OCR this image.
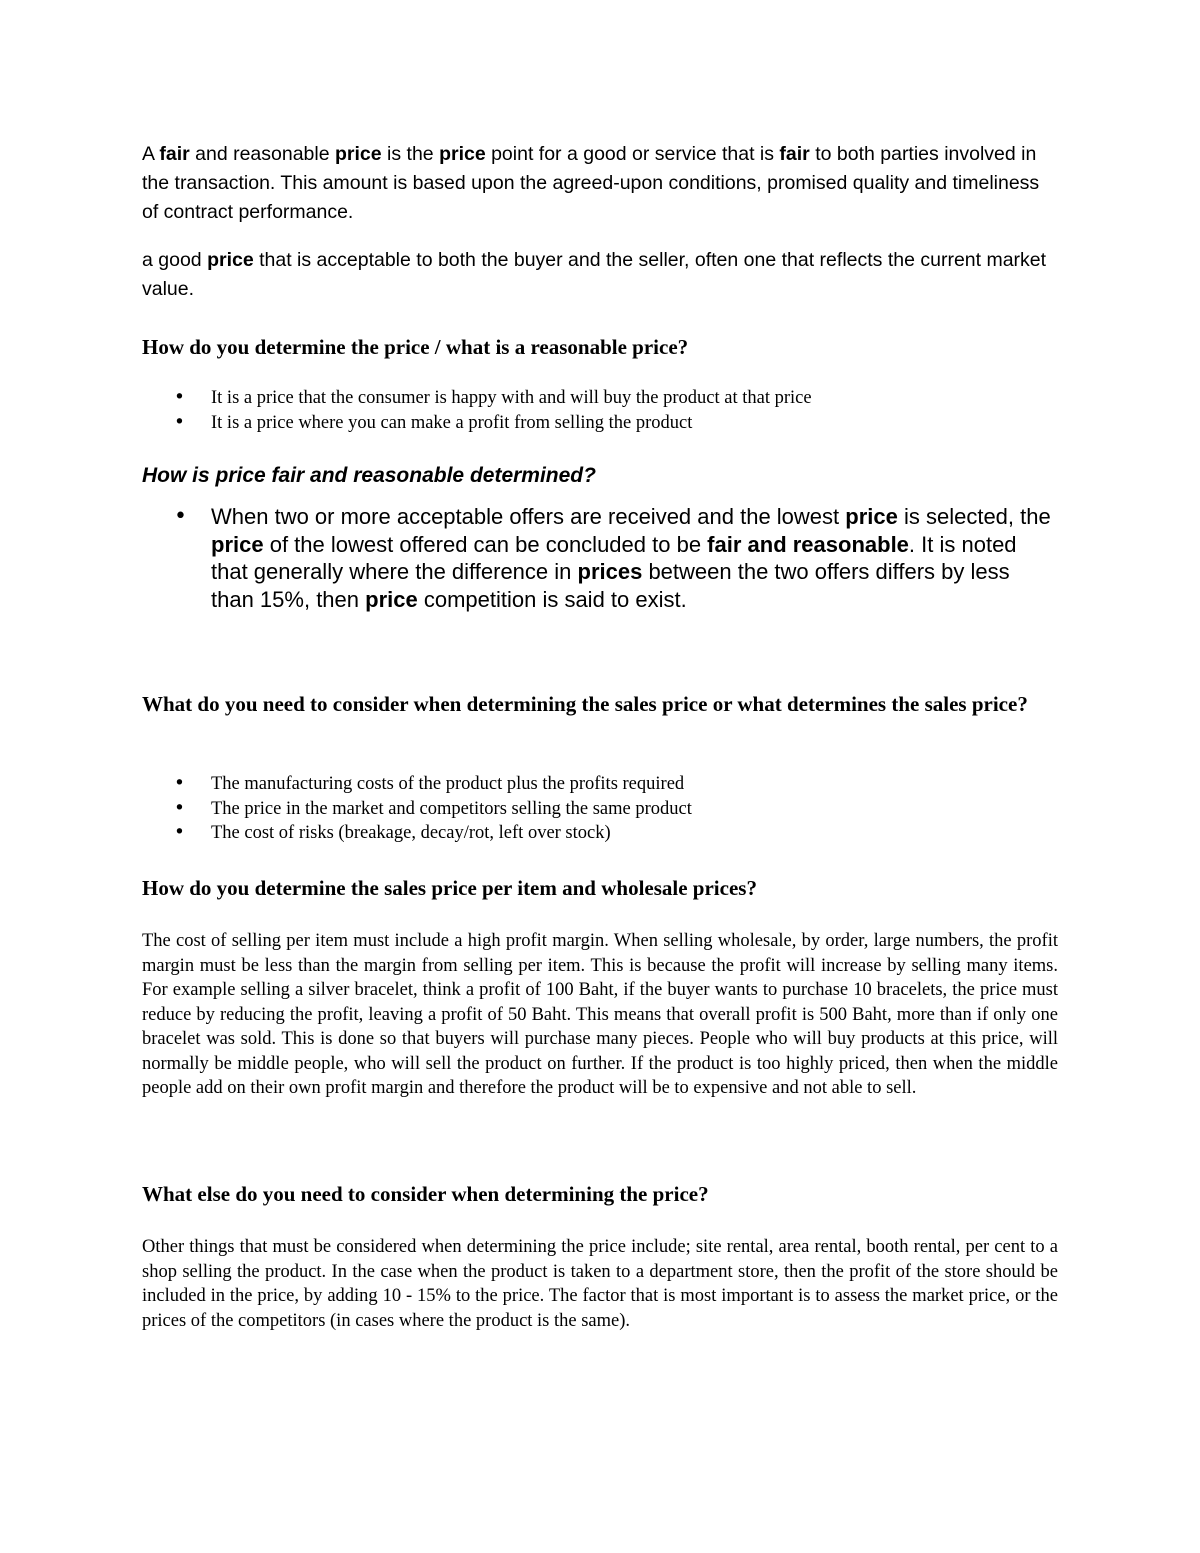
A fair and reasonable price is the price point for a good or service that is fair to both parties involved in the transaction. This amount is based upon the agreed-upon conditions, promised quality and timeliness of contract performance.

a good price that is acceptable to both the buyer and the seller, often one that reflects the current market value.

How do you determine the price / what is a reasonable price?
• It is a price that the consumer is happy with and will buy the product at that price
• It is a price where you can make a profit from selling the product
How is price fair and reasonable determined?
• When two or more acceptable offers are received and the lowest price is selected, the price of the lowest offered can be concluded to be fair and reasonable. It is noted that generally where the difference in prices between the two offers differs by less than 15%, then price competition is said to exist.
What do you need to consider when determining the sales price or what determines the sales price?
• The manufacturing costs of the product plus the profits required
• The price in the market and competitors selling the same product
• The cost of risks (breakage, decay/rot, left over stock)
How do you determine the sales price per item and wholesale prices?

The cost of selling per item must include a high profit margin. When selling wholesale, by order, large numbers, the profit margin must be less than the margin from selling per item. This is because the profit will increase by selling many items. For example selling a silver bracelet, think a profit of 100 Baht, if the buyer wants to purchase 10 bracelets, the price must reduce by reducing the profit, leaving a profit of 50 Baht. This means that overall profit is 500 Baht, more than if only one bracelet was sold. This is done so that buyers will purchase many pieces. People who will buy products at this price, will normally be middle people, who will sell the product on further. If the product is too highly priced, then when the middle people add on their own profit margin and therefore the product will be to expensive and not able to sell.

What else do you need to consider when determining the price?

Other things that must be considered when determining the price include; site rental, area rental, booth rental, per cent to a shop selling the product. In the case when the product is taken to a department store, then the profit of the store should be included in the price, by adding 10 - 15% to the price. The factor that is most important is to assess the market price, or the prices of the competitors (in cases where the product is the same).
